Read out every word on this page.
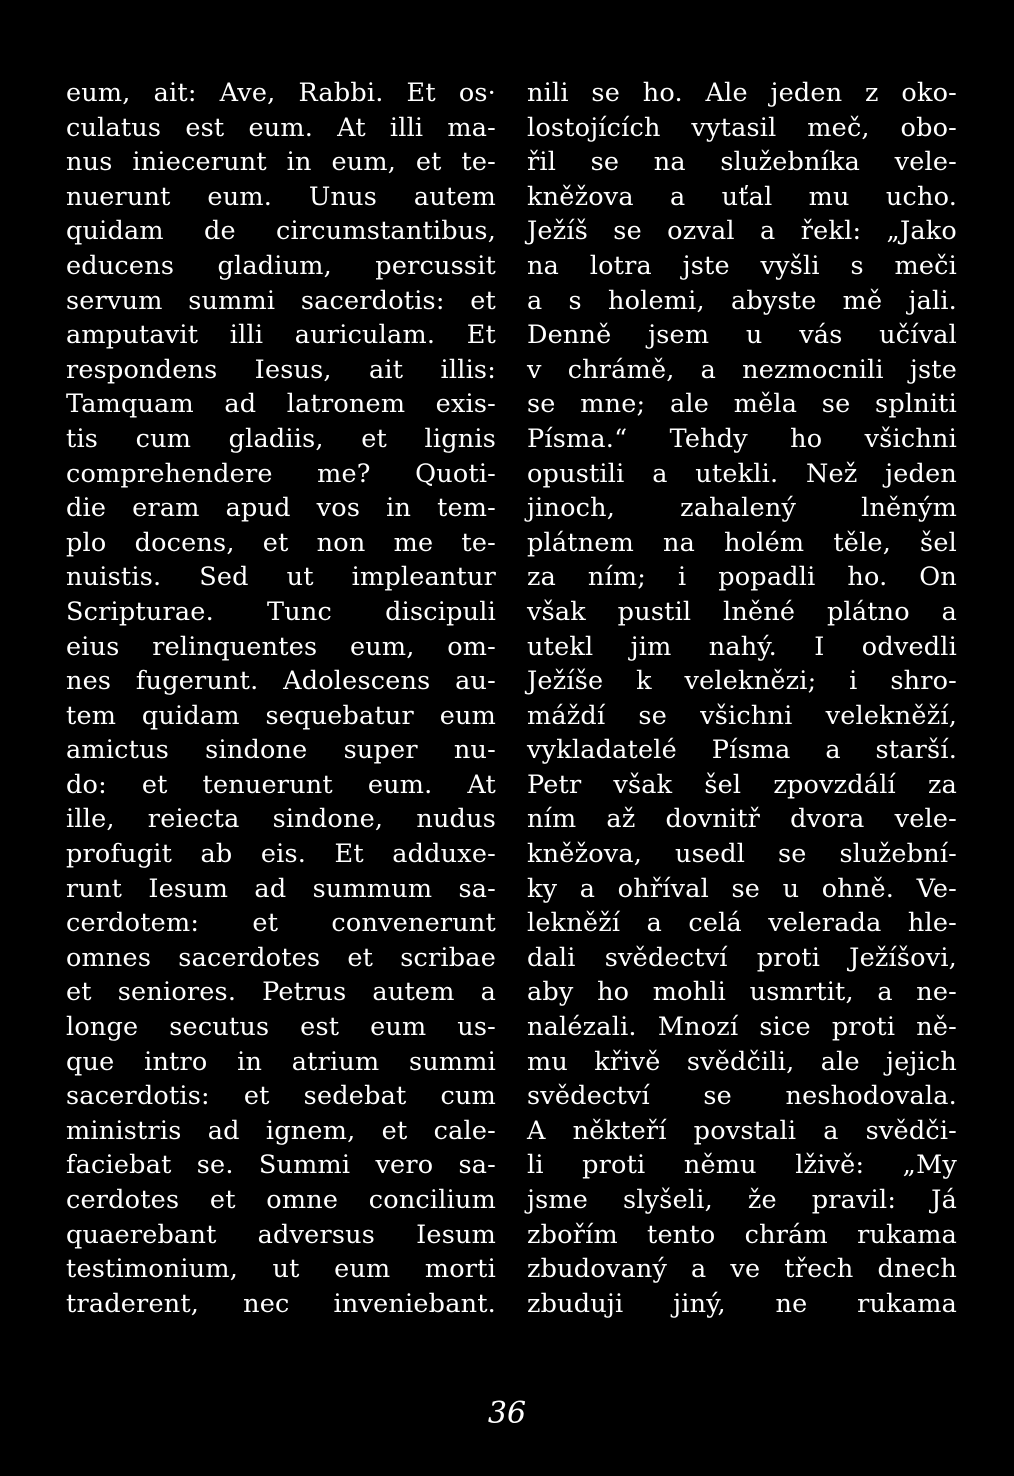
eum, ait: Ave, Rabbi. Et os·
culatus est eum. At illi ma-
nus iniecerunt in eum, et te-
nuerunt eum. Unus autem
quidam de circumstantibus,
educens gladium, percussit
servum summi sacerdotis: et
amputavit illi auriculam. Et
respondens Iesus, ait illis:
Tamquam ad latronem exis-
tis cum gladiis, et lignis
comprehendere me? Quoti-
die eram apud vos in tem-
plo docens, et non me te-
nuistis. Sed ut impleantur
Scripturae. Tunc discipuli
eius relinquentes eum, om-
nes fugerunt. Adolescens au-
tem quidam sequebatur eum
amictus sindone super nu-
do: et tenuerunt eum. At
ille, reiecta sindone, nudus
profugit ab eis. Et adduxe-
runt Iesum ad summum sa-
cerdotem: et convenerunt
omnes sacerdotes et scribae
et seniores. Petrus autem a
longe secutus est eum us-
que intro in atrium summi
sacerdotis: et sedebat cum
ministris ad ignem, et cale-
faciebat se. Summi vero sa-
cerdotes et omne concilium
quaerebant adversus Iesum
testimonium, ut eum morti
traderent, nec inveniebant.
nili se ho. Ale jeden z oko-
lostojících vytasil meč, obo-
řil se na služebníka vele-
kněžova a uťal mu ucho.
Ježíš se ozval a řekl: „Jako
na lotra jste vyšli s meči
a s holemi, abyste mě jali.
Denně jsem u vás učíval
v chrámě, a nezmocnili jste
se mne; ale měla se splniti
Písma.“ Tehdy ho všichni
opustili a utekli. Než jeden
jinoch, zahalený lněným
plátnem na holém těle, šel
za ním; i popadli ho. On
však pustil lněné plátno a
utekl jim nahý. I odvedli
Ježíše k veleknězi; i shro-
máždí se všichni velekněží,
vykladatelé Písma a starší.
Petr však šel zpovzdálí za
ním až dovnitř dvora vele-
kněžova, usedl se služební-
ky a ohříval se u ohně. Ve-
lekněží a celá velerada hle-
dali svědectví proti Ježíšovi,
aby ho mohli usmrtit, a ne-
nalézali. Mnozí sice proti ně-
mu křivě svědčili, ale jejich
svědectví se neshodovala.
A někteří povstali a svědči-
li proti němu lživě: „My
jsme slyšeli, že pravil: Já
zbořím tento chrám rukama
zbudovaný a ve třech dnech
zbuduji jiný, ne rukama
36
